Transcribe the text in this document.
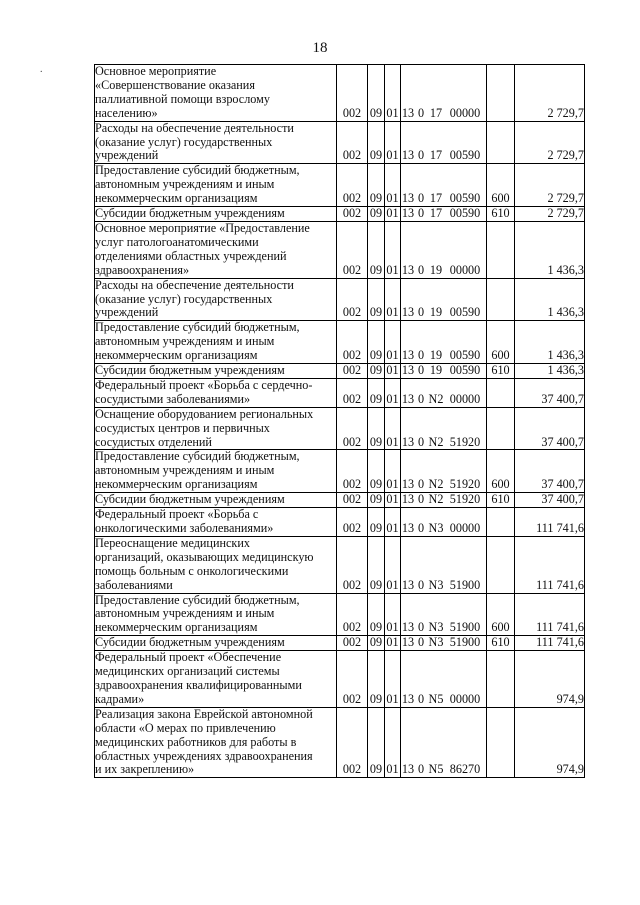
18
.	Основное мероприятие
«Совершенствование оказания
паллиативной помощи взрослому
населению»	002	09	01	13 0 17 00000		2 729,7

Расходы на обеспечение деятельности
(оказание услуг) государственных
учреждений	002	09	01	13 0 17 00590		2 729,7

Предоставление субсидий бюджетным,
автономным учреждениям и иным
некоммерческим организациям	002	09	01	13 0 17 00590	600	2 729,7

Субсидии бюджетным учреждениям	002	09	01	13 0 17 00590	610	2 729,7

Основное мероприятие «Предоставление
услуг патологоанатомическими
отделениями областных учреждений
здравоохранения»	002	09	01	13 0 19 00000		1 436,3

Расходы на обеспечение деятельности
(оказание услуг) государственных
учреждений	002	09	01	13 0 19 00590		1 436,3

Предоставление субсидий бюджетным,
автономным учреждениям и иным
некоммерческим организациям	002	09	01	13 0 19 00590	600	1 436,3

Субсидии бюджетным учреждениям	002	09	01	13 0 19 00590	610	1 436,3

Федеральный проект «Борьба с сердечно-
сосудистыми заболеваниями»	002	09	01	13 0 N2 00000		37 400,7

Оснащение оборудованием региональных
сосудистых центров и первичных
сосудистых отделений	002	09	01	13 0 N2 51920		37 400,7

Предоставление субсидий бюджетным,
автономным учреждениям и иным
некоммерческим организациям	002	09	01	13 0 N2 51920	600	37 400,7

Субсидии бюджетным учреждениям	002	09	01	13 0 N2 51920	610	37 400,7

Федеральный проект «Борьба с
онкологическими заболеваниями»	002	09	01	13 0 N3 00000		111 741,6

Переоснащение медицинских
организаций, оказывающих медицинскую
помощь больным с онкологическими
заболеваниями	002	09	01	13 0 N3 51900		111 741,6

Предоставление субсидий бюджетным,
автономным учреждениям и иным
некоммерческим организациям	002	09	01	13 0 N3 51900	600	111 741,6

Субсидии бюджетным учреждениям	002	09	01	13 0 N3 51900	610	111 741,6

Федеральный проект «Обеспечение
медицинских организаций системы
здравоохранения квалифицированными
кадрами»	002	09	01	13 0 N5 00000		974,9

Реализация закона Еврейской автономной
области «О мерах по привлечению
медицинских работников для работы в
областных учреждениях здравоохранения
и их закреплению»	002	09	01	13 0 N5 86270		974,9
